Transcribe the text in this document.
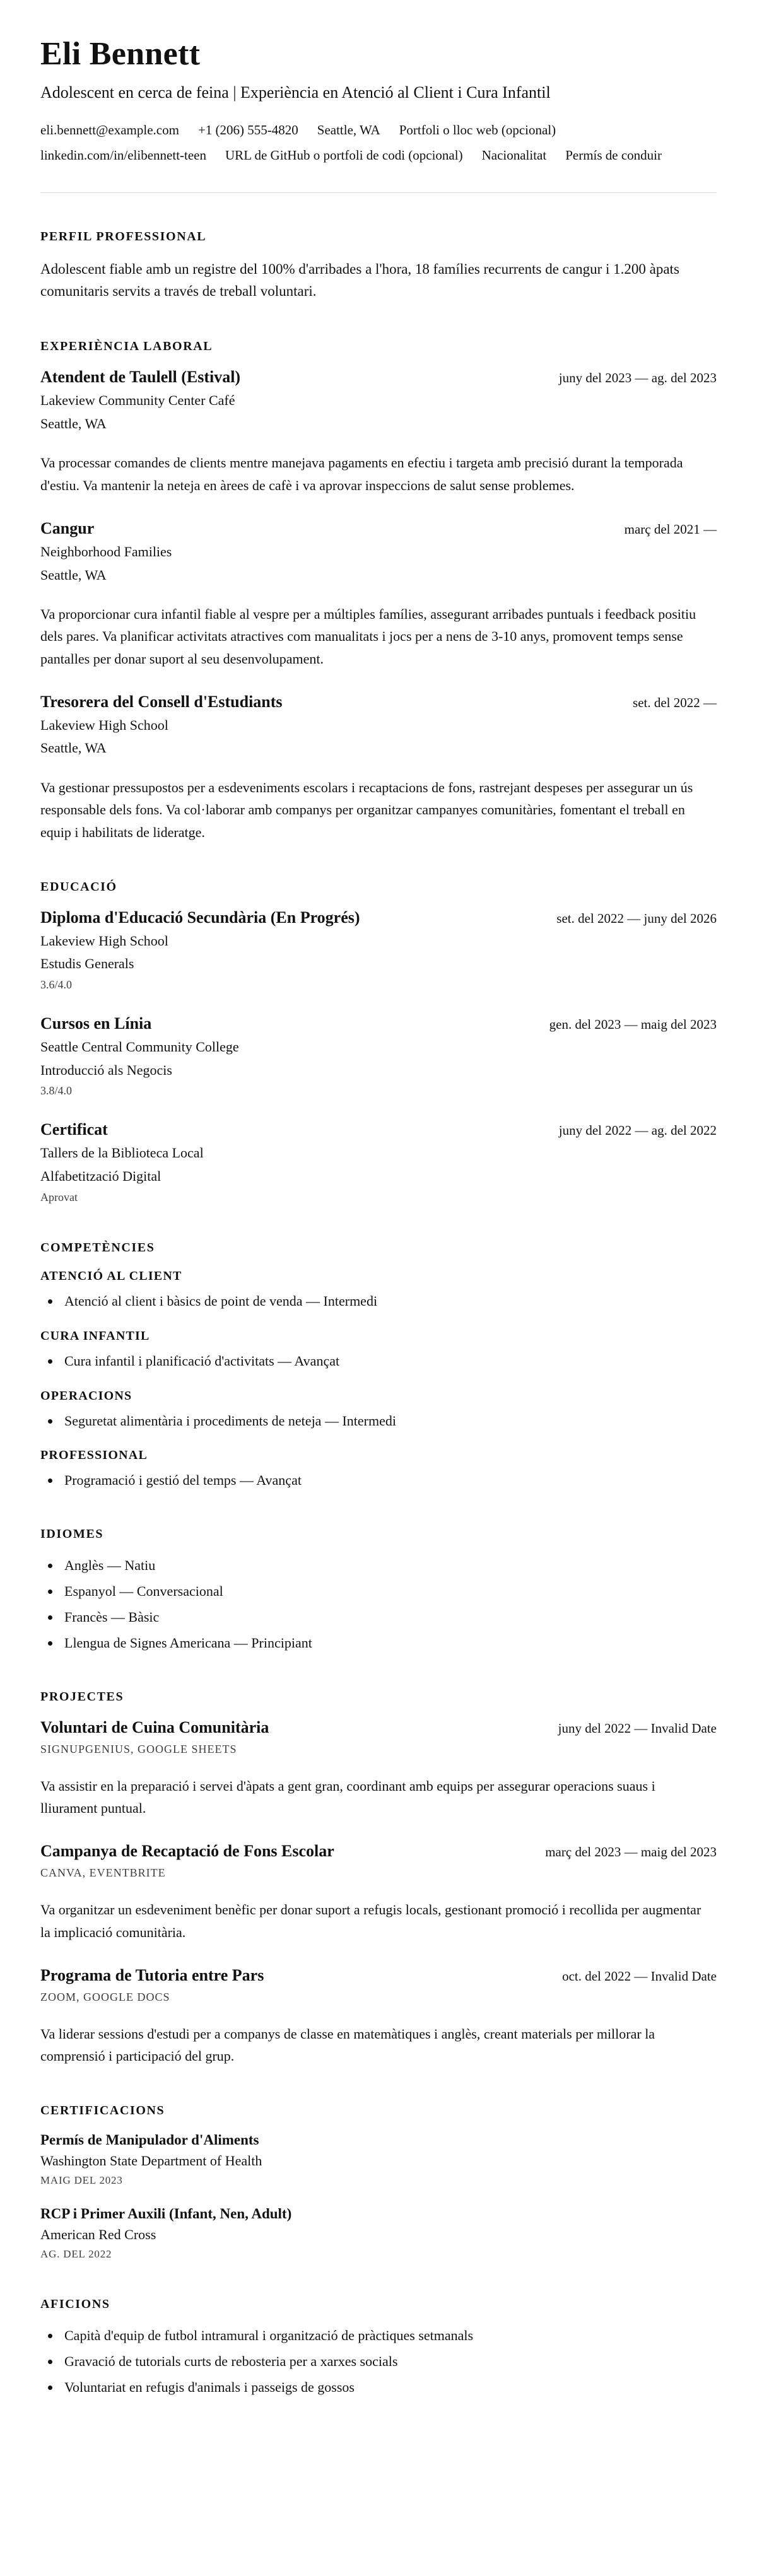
Eli Bennett
Adolescent en cerca de feina | Experiència en Atenció al Client i Cura Infantil
eli.bennett@example.com +1 (206) 555-4820 Seattle, WA Portfoli o lloc web (opcional)
linkedin.com/in/elibennett-teen URL de GitHub o portfoli de codi (opcional) Nacionalitat Permís de conduir
PERFIL PROFESSIONAL

Adolescent fiable amb un registre del 100% d'arribades a l'hora, 18 famílies recurrents de cangur i 1.200 àpats comunitaris servits a través de treball voluntari.

EXPERIÈNCIA LABORAL
Atendent de Taulell (Estival)	juny del 2023 — ag. del 2023
Lakeview Community Center Café
Seattle, WA

Va processar comandes de clients mentre manejava pagaments en efectiu i targeta amb precisió durant la temporada d'estiu. Va mantenir la neteja en àrees de cafè i va aprovar inspeccions de salut sense problemes.

Cangur	març del 2021 —
Neighborhood Families
Seattle, WA

Va proporcionar cura infantil fiable al vespre per a múltiples famílies, assegurant arribades puntuals i feedback positiu dels pares. Va planificar activitats atractives com manualitats i jocs per a nens de 3-10 anys, promovent temps sense pantalles per donar suport al seu desenvolupament.

Tresorera del Consell d'Estudiants	set. del 2022 —
Lakeview High School
Seattle, WA

Va gestionar pressupostos per a esdeveniments escolars i recaptacions de fons, rastrejant despeses per assegurar un ús responsable dels fons. Va col·laborar amb companys per organitzar campanyes comunitàries, fomentant el treball en equip i habilitats de lideratge.

EDUCACIÓ
Diploma d'Educació Secundària (En Progrés)	set. del 2022 — juny del 2026
Lakeview High School
Estudis Generals
3.6/4.0
Cursos en Línia	gen. del 2023 — maig del 2023
Seattle Central Community College
Introducció als Negocis
3.8/4.0
Certificat	juny del 2022 — ag. del 2022
Tallers de la Biblioteca Local
Alfabetització Digital
Aprovat
COMPETÈNCIES
ATENCIÓ AL CLIENT
• Atenció al client i bàsics de point de venda — Intermedi
CURA INFANTIL
• Cura infantil i planificació d'activitats — Avançat
OPERACIONS
• Seguretat alimentària i procediments de neteja — Intermedi
PROFESSIONAL
• Programació i gestió del temps — Avançat
IDIOMES
• Anglès — Natiu
• Espanyol — Conversacional
• Francès — Bàsic
• Llengua de Signes Americana — Principiant
PROJECTES
Voluntari de Cuina Comunitària	juny del 2022 — Invalid Date
SIGNUPGENIUS, GOOGLE SHEETS

Va assistir en la preparació i servei d'àpats a gent gran, coordinant amb equips per assegurar operacions suaus i lliurament puntual.

Campanya de Recaptació de Fons Escolar	març del 2023 — maig del 2023
CANVA, EVENTBRITE

Va organitzar un esdeveniment benèfic per donar suport a refugis locals, gestionant promoció i recollida per augmentar la implicació comunitària.

Programa de Tutoria entre Pars	oct. del 2022 — Invalid Date
ZOOM, GOOGLE DOCS

Va liderar sessions d'estudi per a companys de classe en matemàtiques i anglès, creant materials per millorar la comprensió i participació del grup.

CERTIFICACIONS
Permís de Manipulador d'Aliments
Washington State Department of Health
MAIG DEL 2023
RCP i Primer Auxili (Infant, Nen, Adult)
American Red Cross
AG. DEL 2022
AFICIONS
• Capità d'equip de futbol intramural i organització de pràctiques setmanals
• Gravació de tutorials curts de rebosteria per a xarxes socials
• Voluntariat en refugis d'animals i passeigs de gossos
